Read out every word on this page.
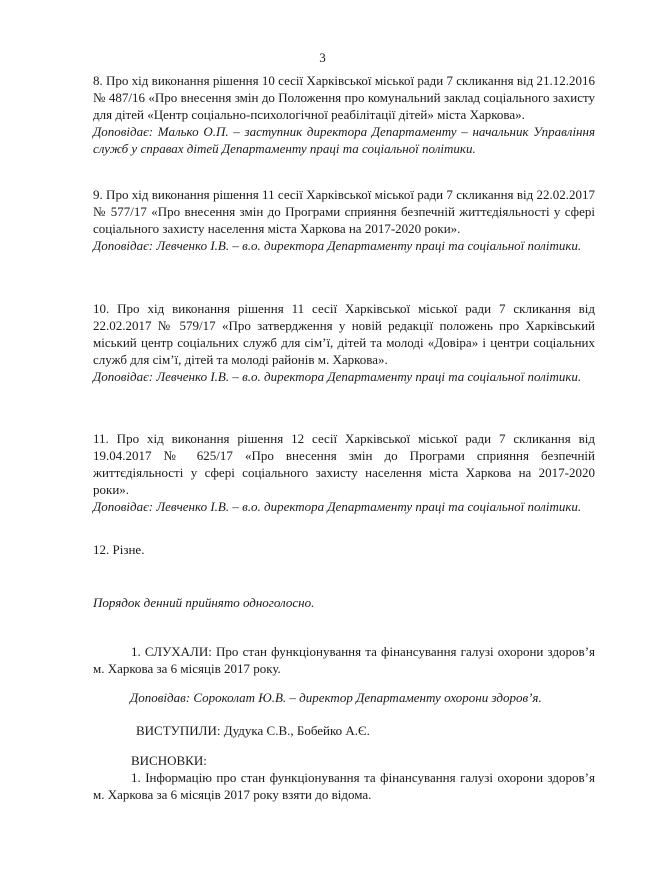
3

8. Про хід виконання рішення 10 сесії Харківської міської ради 7 скликання від 21.12.2016 № 487/16 «Про внесення змін до Положення про комунальний заклад соціального захисту для дітей «Центр соціально-психологічної реабілітації дітей» міста Харкова».

Доповідає: Малько О.П. – заступник директора Департаменту – начальник Управління служб у справах дітей Департаменту праці та соціальної політики.

9. Про хід виконання рішення 11 сесії Харківської міської ради 7 скликання від 22.02.2017 № 577/17 «Про внесення змін до Програми сприяння безпечній життєдіяльності у сфері соціального захисту населення міста Харкова на 2017-2020 роки».

Доповідає: Левченко І.В. – в.о. директора Департаменту праці та соціальної політики.

10. Про хід виконання рішення 11 сесії Харківської міської ради 7 скликання від 22.02.2017 № 579/17 «Про затвердження у новій редакції положень про Харківський міський центр соціальних служб для сім’ї, дітей та молоді «Довіра» і центри соціальних служб для сім’ї, дітей та молоді районів м. Харкова».

Доповідає: Левченко І.В. – в.о. директора Департаменту праці та соціальної політики.

11. Про хід виконання рішення 12 сесії Харківської міської ради 7 скликання від 19.04.2017 № 625/17 «Про внесення змін до Програми сприяння безпечній життєдіяльності у сфері соціального захисту населення міста Харкова на 2017-2020 роки».

Доповідає: Левченко І.В. – в.о. директора Департаменту праці та соціальної політики.

12. Різне.
Порядок денний прийнято одноголосно.
1. СЛУХАЛИ: Про стан функціонування та фінансування галузі охорони здоров’я м. Харкова за 6 місяців 2017 року.
Доповідав: Сороколат Ю.В. – директор Департаменту охорони здоров’я.
ВИСТУПИЛИ: Дудука С.В., Бобейко А.Є.
ВИСНОВКИ:
1. Інформацію про стан функціонування та фінансування галузі охорони здоров’я м. Харкова за 6 місяців 2017 року взяти до відома.
